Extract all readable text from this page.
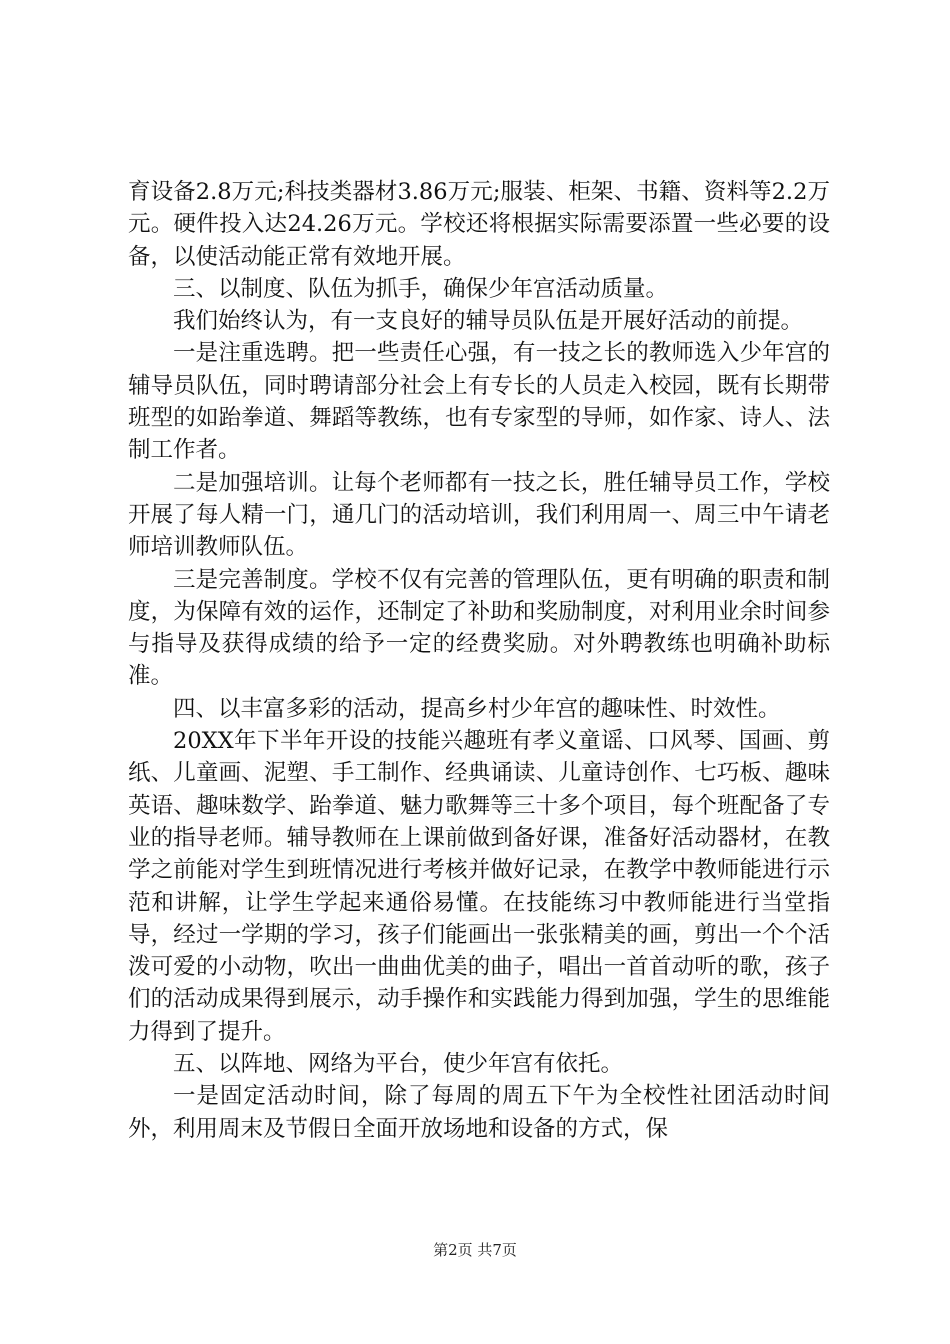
育设备2.8万元;科技类器材3.86万元;服装、柜架、书籍、资料等2.2万元。硬件投入达24.26万元。学校还将根据实际需要添置一些必要的设备，以使活动能正常有效地开展。

三、以制度、队伍为抓手，确保少年宫活动质量。

我们始终认为，有一支良好的辅导员队伍是开展好活动的前提。

一是注重选聘。把一些责任心强，有一技之长的教师选入少年宫的辅导员队伍，同时聘请部分社会上有专长的人员走入校园，既有长期带班型的如跆拳道、舞蹈等教练，也有专家型的导师，如作家、诗人、法制工作者。

二是加强培训。让每个老师都有一技之长，胜任辅导员工作，学校开展了每人精一门，通几门的活动培训，我们利用周一、周三中午请老师培训教师队伍。

三是完善制度。学校不仅有完善的管理队伍，更有明确的职责和制度，为保障有效的运作，还制定了补助和奖励制度，对利用业余时间参与指导及获得成绩的给予一定的经费奖励。对外聘教练也明确补助标准。

四、以丰富多彩的活动，提高乡村少年宫的趣味性、时效性。

20XX年下半年开设的技能兴趣班有孝义童谣、口风琴、国画、剪纸、儿童画、泥塑、手工制作、经典诵读、儿童诗创作、七巧板、趣味英语、趣味数学、跆拳道、魅力歌舞等三十多个项目，每个班配备了专业的指导老师。辅导教师在上课前做到备好课，准备好活动器材，在教学之前能对学生到班情况进行考核并做好记录，在教学中教师能进行示范和讲解，让学生学起来通俗易懂。在技能练习中教师能进行当堂指导，经过一学期的学习，孩子们能画出一张张精美的画，剪出一个个活泼可爱的小动物，吹出一曲曲优美的曲子，唱出一首首动听的歌，孩子们的活动成果得到展示，动手操作和实践能力得到加强，学生的思维能力得到了提升。

五、以阵地、网络为平台，使少年宫有依托。

一是固定活动时间，除了每周的周五下午为全校性社团活动时间外，利用周末及节假日全面开放场地和设备的方式，保

第2页 共7页
